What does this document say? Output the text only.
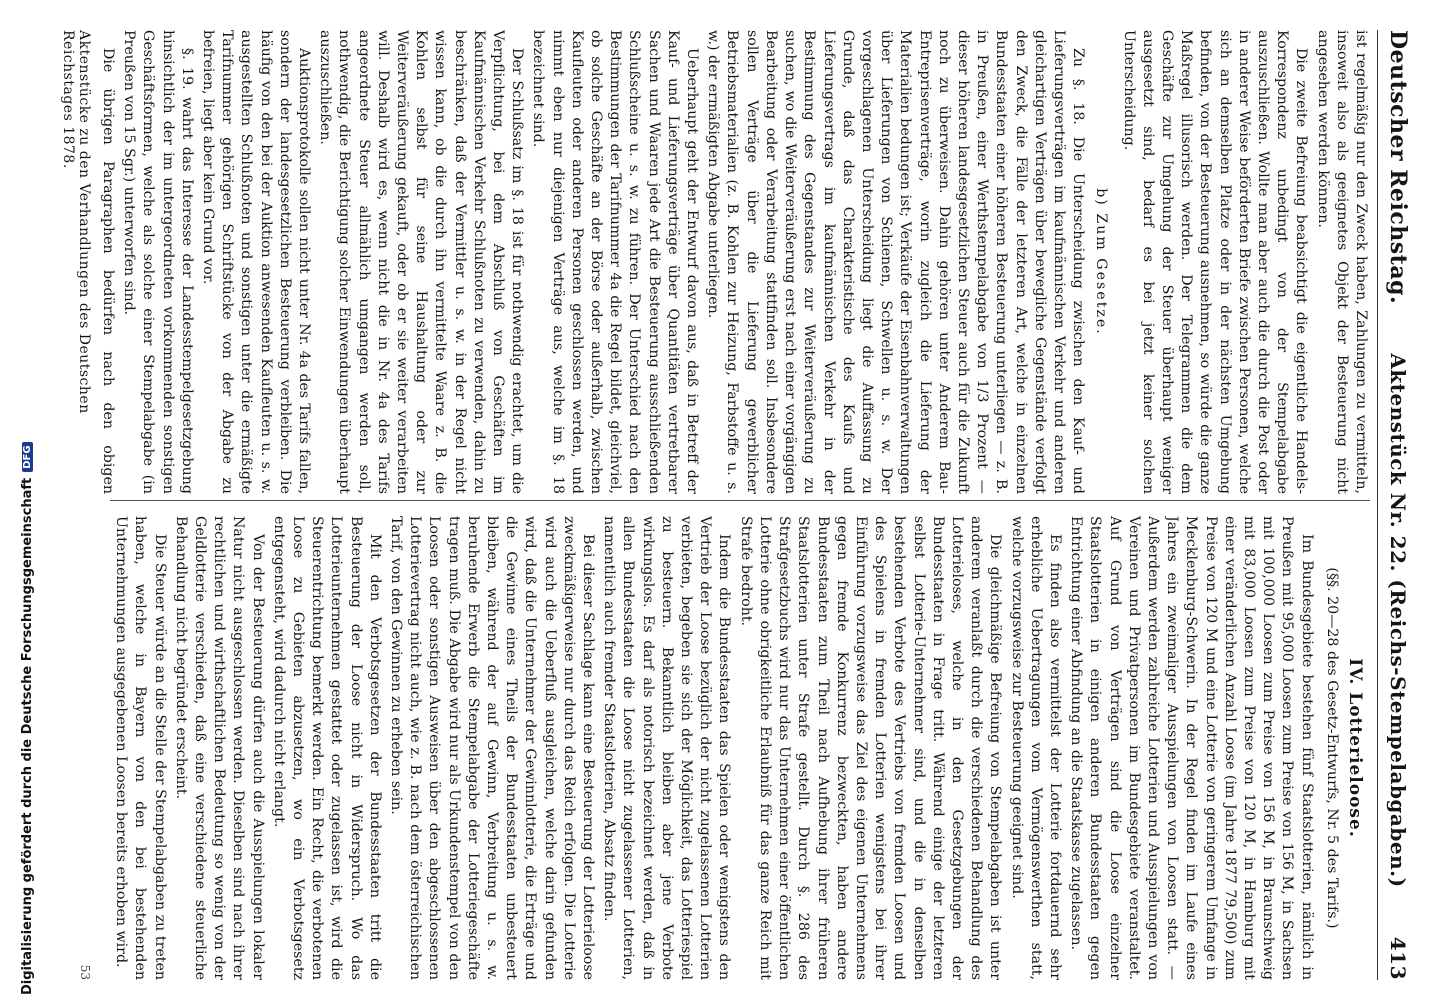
Digitalisierung gefördert durch die Deutsche ForschungsgemeinschaftDFG
Deutscher Reichstag.
Aktenstück Nr. 22. (Reichs-Stempelabgaben.)
413

ist regelmäßig nur den Zweck haben, Zahlungen zu vermitteln, insoweit also als geeignetes Objekt der Besteuerung nicht angesehen werden können.

Die zweite Befreiung beabsichtigt die eigentliche Handels-Korrespondenz unbedingt von der Stempelabgabe auszuschließen. Wollte man aber auch die durch die Post oder in anderer Weise beförderten Briefe zwischen Personen, welche sich an demselben Platze oder in der nächsten Umgebung befinden, von der Besteuerung ausnehmen, so würde die ganze Maßregel illusorisch werden. Der Telegrammen die dem Geschäfte zur Umgehung der Steuer überhaupt weniger ausgesetzt sind, bedarf es bei jetzt keiner solchen Unterscheidung.

b) Zum Gesetze.

Zu §. 18. Die Unterscheidung zwischen den Kauf- und Lieferungsverträgen im kaufmännischen Verkehr und anderen gleichartigen Verträgen über bewegliche Gegenstände verfolgt den Zweck, die Fälle der letzteren Art, welche in einzelnen Bundesstaaten einer höheren Besteuerung unterliegen — z. B. in Preußen, einer Werthstempelabgabe von 1/3 Prozent — dieser höheren landesgesetzlichen Steuer auch für die Zukunft noch zu überweisen. Dahin gehören unter Anderem Bau-Entreprisenverträge, worin zugleich die Lieferung der Materialien bedungen ist; Verkäufe der Eisenbahnverwaltungen über Lieferungen von Schienen, Schwellen u. s. w. Der vorgeschlagenen Unterscheidung liegt die Auffassung zu Grunde, daß das Charakteristische des Kaufs und Lieferungsvertrags im kaufmännischen Verkehr in der Bestimmung des Gegenstandes zur Weiterveräußerung zu suchen, wo die Weiterveräußerung erst nach einer vorgängigen Bearbeitung oder Verarbeitung stattfinden soll. Insbesondere sollen Verträge über die Lieferung gewerblicher Betriebsmaterialien (z. B. Kohlen zur Heizung, Farbstoffe u. s. w.) der ermäßigten Abgabe unterliegen.

Ueberhaupt geht der Entwurf davon aus, daß in Betreff der Kauf- und Lieferungsverträge über Quantitäten vertretbarer Sachen und Waaren jede Art die Besteuerung ausschließenden Schlußscheine u. s. w. zu führen. Der Unterschied nach den Bestimmungen der Tarifnummer 4a die Regel bildet, gleichviel, ob solche Geschäfte an der Börse oder außerhalb, zwischen Kaufleuten oder anderen Personen geschlossen werden, und nimmt eben nur diejenigen Verträge aus, welche im §. 18 bezeichnet sind.

Der Schlußsatz im §. 18 ist für nothwendig erachtet, um die Verpflichtung, bei dem Abschluß von Geschäften im Kaufmännischen Verkehr Schlußnoten zu verwenden, dahin zu beschränken, daß der Vermittler u. s. w. in der Regel nicht wissen kann, ob die durch ihn vermittelte Waare z. B. die Kohlen selbst für seine Haushaltung oder zur Weiterveräußerung gekauft, oder ob er sie weiter verarbeiten will. Deshalb wird es, wenn nicht die in Nr. 4a des Tarifs angeordnete Steuer allmählich umgangen werden soll, nothwendig, die Berichtigung solcher Einwendungen überhaupt auszuschließen.

Auktionsprotokolle sollen nicht unter Nr. 4a des Tarifs fallen, sondern der landesgesetzlichen Besteuerung verbleiben. Die häufig von den bei der Auktion anwesenden Kaufleuten u. s. w. ausgestellten Schlußnoten und sonstigen unter die ermäßigte Tarifnummer gehörigen Schriftstücke von der Abgabe zu befreien, liegt aber kein Grund vor.

§. 19. wahrt das Interesse der Landesstempelgesetzgebung hinsichtlich der im untergeordneten vorkommenden sonstigen Geschäftsformen, welche als solche einer Stempelabgabe (in Preußen von 15 Sgr.) unterworfen sind.

Die übrigen Paragraphen bedürfen nach den obigen

IV. Lotterieloose.

(§§. 20—28 des Gesetz-Entwurfs, Nr. 5 des Tarifs.)

Im Bundesgebiete bestehen fünf Staatslotterien, nämlich in Preußen mit 95,000 Loosen zum Preise von 156 M, in Sachsen mit 100,000 Loosen zum Preise von 156 M, in Braunschweig mit 83,000 Loosen zum Preise von 120 M, in Hamburg mit einer veränderlichen Anzahl Loose (im Jahre 1877 79,500) zum Preise von 120 M und eine Lotterie von geringerem Umfange in Mecklenburg-Schwerin. In der Regel finden im Laufe eines Jahres ein zweimaliger Ausspielungen von Loosen statt. — Außerdem werden zahlreiche Lotterien und Ausspielungen von Vereinen und Privatpersonen im Bundesgebiete veranstaltet. Auf Grund von Verträgen sind die Loose einzelner Staatslotterien in einigen anderen Bundesstaaten gegen Entrichtung einer Abfindung an die Staatskasse zugelassen.

Es finden also vermittelst der Lotterie fortdauernd sehr erhebliche Uebertragungen vom Vermögenswerthen statt, welche vorzugsweise zur Besteuerung geeignet sind.

Die gleichmäßige Befreiung von Stempelabgaben ist unter anderem veranlaßt durch die verschiedenen Behandlung des Lotterieloses, welche in den Gesetzgebungen der Bundesstaaten in Frage tritt. Während einige der letzteren selbst Lotterie-Unternehmer sind, und die in denselben bestehenden Verbote des Vertriebs von fremden Loosen und des Spielens in fremden Lotterien wenigstens bei ihrer Einführung vorzugsweise das Ziel des eigenen Unternehmens gegen fremde Konkurrenz bezweckten, haben andere Bundesstaaten zum Theil nach Aufhebung ihrer früheren Staatslotterien unter Strafe gestellt. Durch §. 286 des Strafgesetzbuchs wird nur das Unternehmen einer öffentlichen Lotterie ohne obrigkeitliche Erlaubniß für das ganze Reich mit Strafe bedroht.

Indem die Bundesstaaten das Spielen oder wenigstens den Vertrieb der Loose bezüglich der nicht zugelassenen Lotterien verbieten, begeben sie sich der Möglichkeit, das Lotteriespiel zu besteuern. Bekanntlich bleiben aber jene Verbote wirkungslos. Es darf als notorisch bezeichnet werden, daß in allen Bundesstaaten die Loose nicht zugelassener Lotterien, namentlich auch fremder Staatslotterien, Absatz finden.

Bei dieser Sachlage kann eine Besteuerung der Lotterieloose zweckmäßigerweise nur durch das Reich erfolgen. Die Lotterie wird auch die Ueberfluß ausgleichen, welche darin gefunden wird, daß die Unternehmer der Gewinnlotterie, die Erträge und die Gewinne eines Theils der Bundesstaaten unbesteuert bleiben, während der auf Gewinn, Verbreitung u. s. w. beruhende Erwerb die Stempelabgabe der Lotteriegeschäfte tragen muß. Die Abgabe wird nur als Urkundenstempel von den Loosen oder sonstigen Ausweisen über den abgeschlossenen Lotterievertrag nicht auch, wie z. B. nach dem österreichischen Tarif, von den Gewinnen zu erheben sein.

Mit den Verbotsgesetzen der Bundesstaaten tritt die Besteuerung der Loose nicht in Widerspruch. Wo das Lotterieunternehmen gestattet oder zugelassen ist, wird die Steuerentrichtung bemerkt werden. Ein Recht, die verbotenen Loose zu Gebieten abzusetzen, wo ein Verbotsgesetz entgegensteht, wird dadurch nicht erlangt.

Von der Besteuerung dürfen auch die Ausspielungen lokaler Natur nicht ausgeschlossen werden. Dieselben sind nach ihrer rechtlichen und wirthschaftlichen Bedeutung so wenig von der Geldlotterie verschieden, daß eine verschiedene steuerliche Behandlung nicht begründet erscheint.

Die Steuer würde an die Stelle der Stempelabgaben zu treten haben, welche in Bayern von den bei bestehenden Unternehmungen ausgegebenen Loosen bereits erhoben wird.

Aktenstücke zu den Verhandlungen des Deutschen Reichstages 1878.
53
